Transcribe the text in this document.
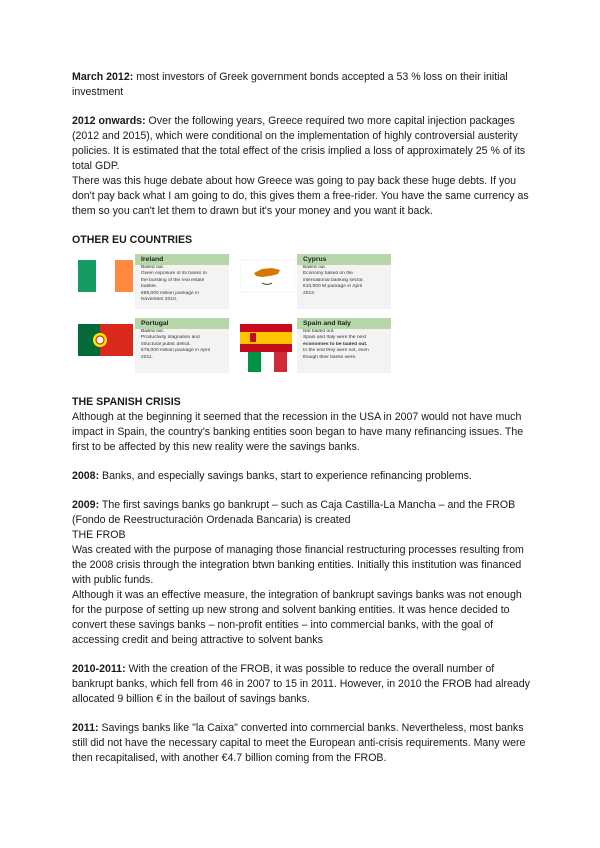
March 2012: most investors of Greek government bonds accepted a 53 % loss on their initial investment

2012 onwards: Over the following years, Greece required two more capital injection packages (2012 and 2015), which were conditional on the implementation of highly controversial austerity policies. It is estimated that the total effect of the crisis implied a loss of approximately 25 % of its total GDP.

There was this huge debate about how Greece was going to pay back these huge debts. If you don't pay back what I am going to do, this gives them a free-rider. You have the same currency as them so you can't let them to drawn but it's your money and you want it back.

OTHER EU COUNTRIES

Ireland
Bailed out.
Given exposure of its banks to
the bursting of the real estate
bubble.
€85,000 million package in
November 2010.
Cyprus
Bailed out.
Economy based on the
international banking sector.
€10,000 M package in April
2013.
Portugal
Bailed out.
Productivity stagnation and
structural public deficit.
€78,000 million package in April
2011.
Spain and Italy
Not bailed out.
Spain and Italy were the next
economies to be bailed out.
In the end they were not, even
though their banks were.

THE SPANISH CRISIS

Although at the beginning it seemed that the recession in the USA in 2007 would not have much impact in Spain, the country's banking entities soon began to have many refinancing issues. The first to be affected by this new reality were the savings banks.

2008: Banks, and especially savings banks, start to experience refinancing problems.

2009: The first savings banks go bankrupt – such as Caja Castilla-La Mancha – and the FROB (Fondo de Reestructuración Ordenada Bancaria) is created

THE FROB

Was created with the purpose of managing those financial restructuring processes resulting from the 2008 crisis through the integration btwn banking entities. Initially this institution was financed with public funds.

Although it was an effective measure, the integration of bankrupt savings banks was not enough for the purpose of setting up new strong and solvent banking entities. It was hence decided to convert these savings banks – non-profit entities – into commercial banks, with the goal of accessing credit and being attractive to solvent banks

2010-2011: With the creation of the FROB, it was possible to reduce the overall number of bankrupt banks, which fell from 46 in 2007 to 15 in 2011. However, in 2010 the FROB had already allocated 9 billion € in the bailout of savings banks.

2011: Savings banks like "la Caixa" converted into commercial banks. Nevertheless, most banks still did not have the necessary capital to meet the European anti-crisis requirements. Many were then recapitalised, with another €4.7 billion coming from the FROB.
